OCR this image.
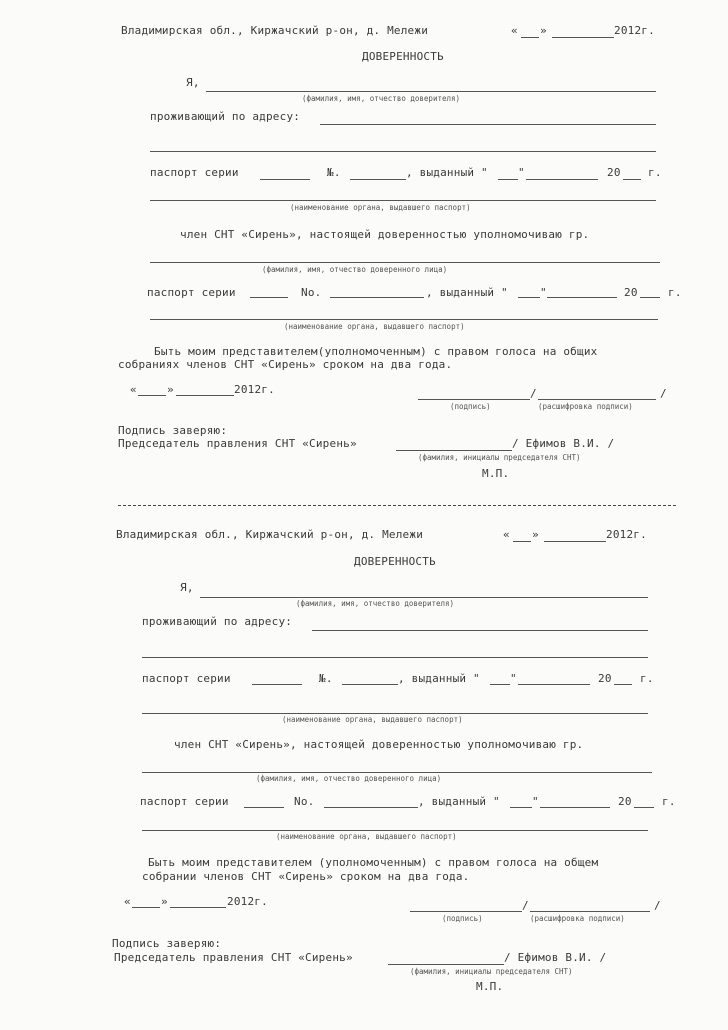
Владимирская обл., Киржачский р-он, д. Мележи	« »	2012г.
ДОВЕРЕННОСТЬ
Я,
(фамилия, имя, отчество доверителя)
проживающий по адресу:
паспорт серии	№.	, выданный "	"	20 г.
(наименование органа, выдавшего паспорт)
член СНТ «Сирень», настоящей доверенностью уполномочиваю гр.
(фамилия, имя, отчество доверенного лица)
паспорт серии	No.	, выданный "	"	20	г.
(наименование органа, выдавшего паспорт)
Быть моим представителем(уполномоченным) с правом голоса на общих
собраниях членов СНТ «Сирень» сроком на два года.
«	»	2012г.	/	/
(подпись)	(расшифровка подписи)
Подпись заверяю:
Председатель правления СНТ «Сирень»	/ Ефимов В.И. /
(фамилия, инициалы председателя СНТ)
М.П.
Владимирская обл., Киржачский р-он, д. Мележи	« »	2012г.
ДОВЕРЕННОСТЬ
Я,
(фамилия, имя, отчество доверителя)
проживающий по адресу:
паспорт серии	№.	, выданный "	"	20	г.
(наименование органа, выдавшего паспорт)
член СНТ «Сирень», настоящей доверенностью уполномочиваю гр.
(фамилия, имя, отчество доверенного лица)
паспорт серии	No.	, выданный "	"	20	г.
(наименование органа, выдавшего паспорт)
Быть моим представителем (уполномоченным) с правом голоса на общем
собрании членов СНТ «Сирень» сроком на два года.
«	»	2012г.	/	/
(подпись)	(расшифровка подписи)
Подпись заверяю:
Председатель правления СНТ «Сирень»	/ Ефимов В.И. /
(фамилия, инициалы председателя СНТ)
М.П.
